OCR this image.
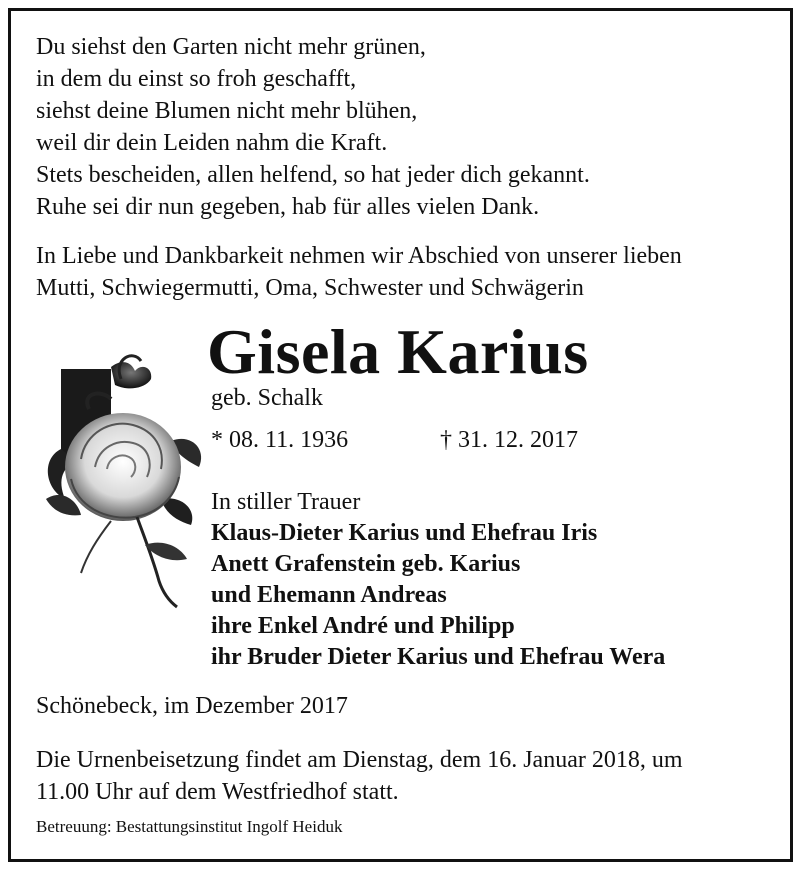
Du siehst den Garten nicht mehr grünen,
in dem du einst so froh geschafft,
siehst deine Blumen nicht mehr blühen,
weil dir dein Leiden nahm die Kraft.
Stets bescheiden, allen helfend, so hat jeder dich gekannt.
Ruhe sei dir nun gegeben, hab für alles vielen Dank.
In Liebe und Dankbarkeit nehmen wir Abschied von unserer lieben
Mutti, Schwiegermutti, Oma, Schwester und Schwägerin
Gisela Karius
geb. Schalk
* 08. 11. 1936	† 31. 12. 2017
In stiller Trauer
Klaus-Dieter Karius und Ehefrau Iris
Anett Grafenstein geb. Karius
und Ehemann Andreas
ihre Enkel André und Philipp
ihr Bruder Dieter Karius und Ehefrau Wera
Schönebeck, im Dezember 2017
Die Urnenbeisetzung findet am Dienstag, dem 16. Januar 2018, um
11.00 Uhr auf dem Westfriedhof statt.
Betreuung: Bestattungsinstitut Ingolf Heiduk
